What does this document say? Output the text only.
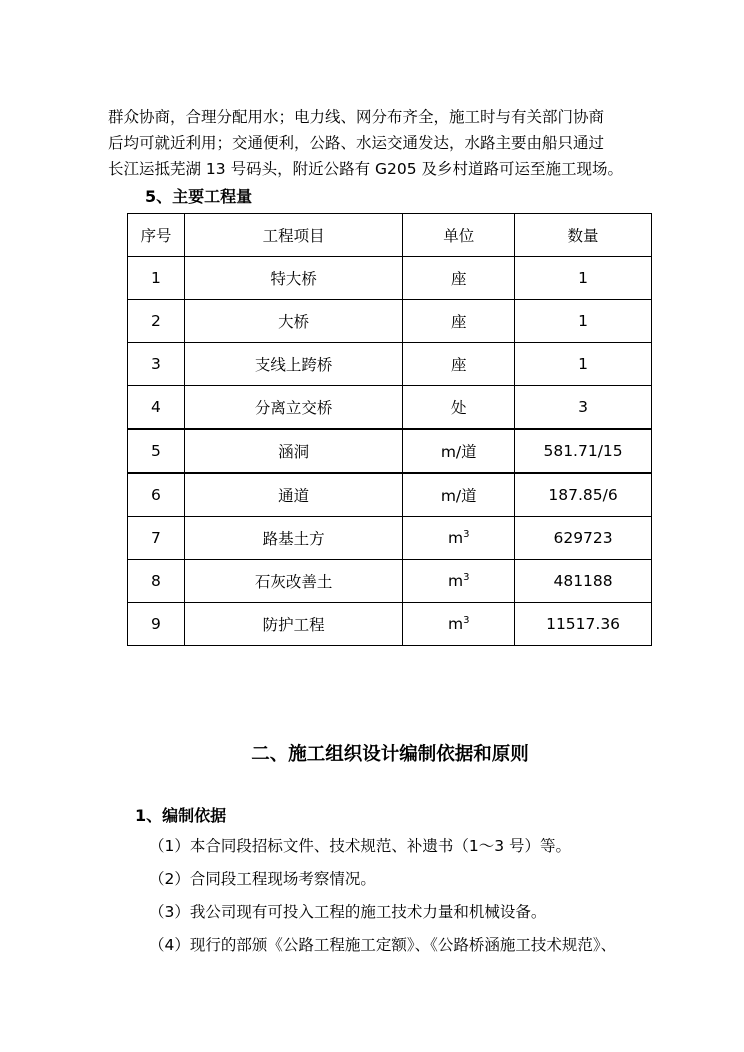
群众协商，合理分配用水；电力线、网分布齐全，施工时与有关部门协商
后均可就近利用；交通便利，公路、水运交通发达，水路主要由船只通过
长江运抵芜湖 13 号码头，附近公路有 G205 及乡村道路可运至施工现场。
5、主要工程量
序号	工程项目	单位	数量
1	特大桥	座	1
2	大桥	座	1
3	支线上跨桥	座	1
4	分离立交桥	处	3
5	涵洞	m/道	581.71/15
6	通道	m/道	187.85/6
7	路基土方	$m^3$	629723
8	石灰改善土	$m^3$	481188
9	防护工程	$m^3$	11517.36
二、施工组织设计编制依据和原则
1、编制依据
（1）本合同段招标文件、技术规范、补遗书（1～3 号）等。
（2）合同段工程现场考察情况。
（3）我公司现有可投入工程的施工技术力量和机械设备。
（4）现行的部颁《公路工程施工定额》、《公路桥涵施工技术规范》、
